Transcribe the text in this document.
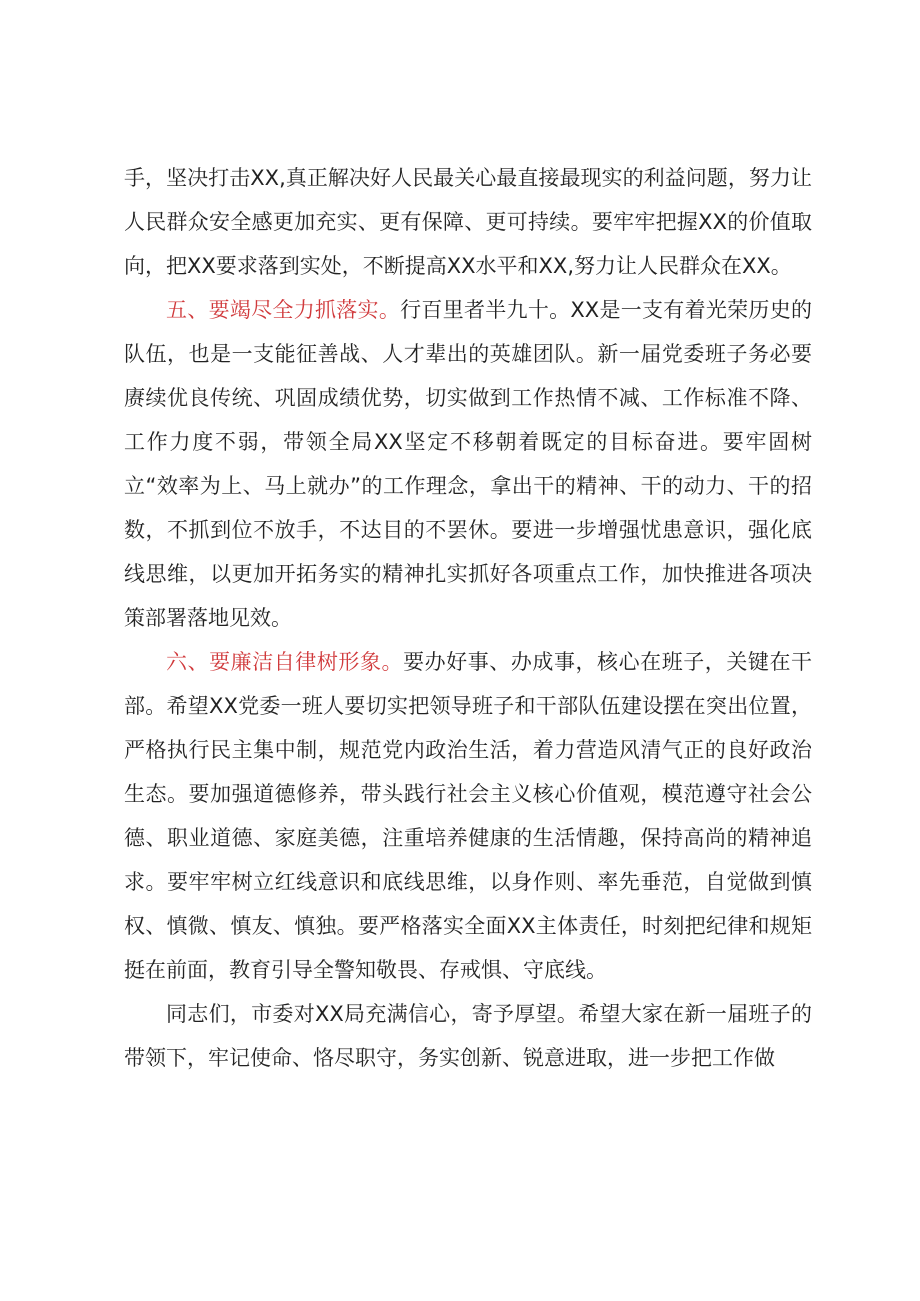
手，坚决打击XX,真正解决好人民最关心最直接最现实的利益问题，努力让人民群众安全感更加充实、更有保障、更可持续。要牢牢把握XX的价值取向，把XX要求落到实处，不断提高XX水平和XX,努力让人民群众在XX。

五、要竭尽全力抓落实。行百里者半九十。XX是一支有着光荣历史的队伍，也是一支能征善战、人才辈出的英雄团队。新一届党委班子务必要赓续优良传统、巩固成绩优势，切实做到工作热情不减、工作标准不降、工作力度不弱，带领全局XX坚定不移朝着既定的目标奋进。要牢固树立“效率为上、马上就办”的工作理念，拿出干的精神、干的动力、干的招数，不抓到位不放手，不达目的不罢休。要进一步增强忧患意识，强化底线思维，以更加开拓务实的精神扎实抓好各项重点工作，加快推进各项决策部署落地见效。

六、要廉洁自律树形象。要办好事、办成事，核心在班子，关键在干部。希望XX党委一班人要切实把领导班子和干部队伍建设摆在突出位置，严格执行民主集中制，规范党内政治生活，着力营造风清气正的良好政治生态。要加强道德修养，带头践行社会主义核心价值观，模范遵守社会公德、职业道德、家庭美德，注重培养健康的生活情趣，保持高尚的精神追求。要牢牢树立红线意识和底线思维，以身作则、率先垂范，自觉做到慎权、慎微、慎友、慎独。要严格落实全面XX主体责任，时刻把纪律和规矩挺在前面，教育引导全警知敬畏、存戒惧、守底线。

同志们，市委对XX局充满信心，寄予厚望。希望大家在新一届班子的带领下，牢记使命、恪尽职守，务实创新、锐意进取，进一步把工作做
